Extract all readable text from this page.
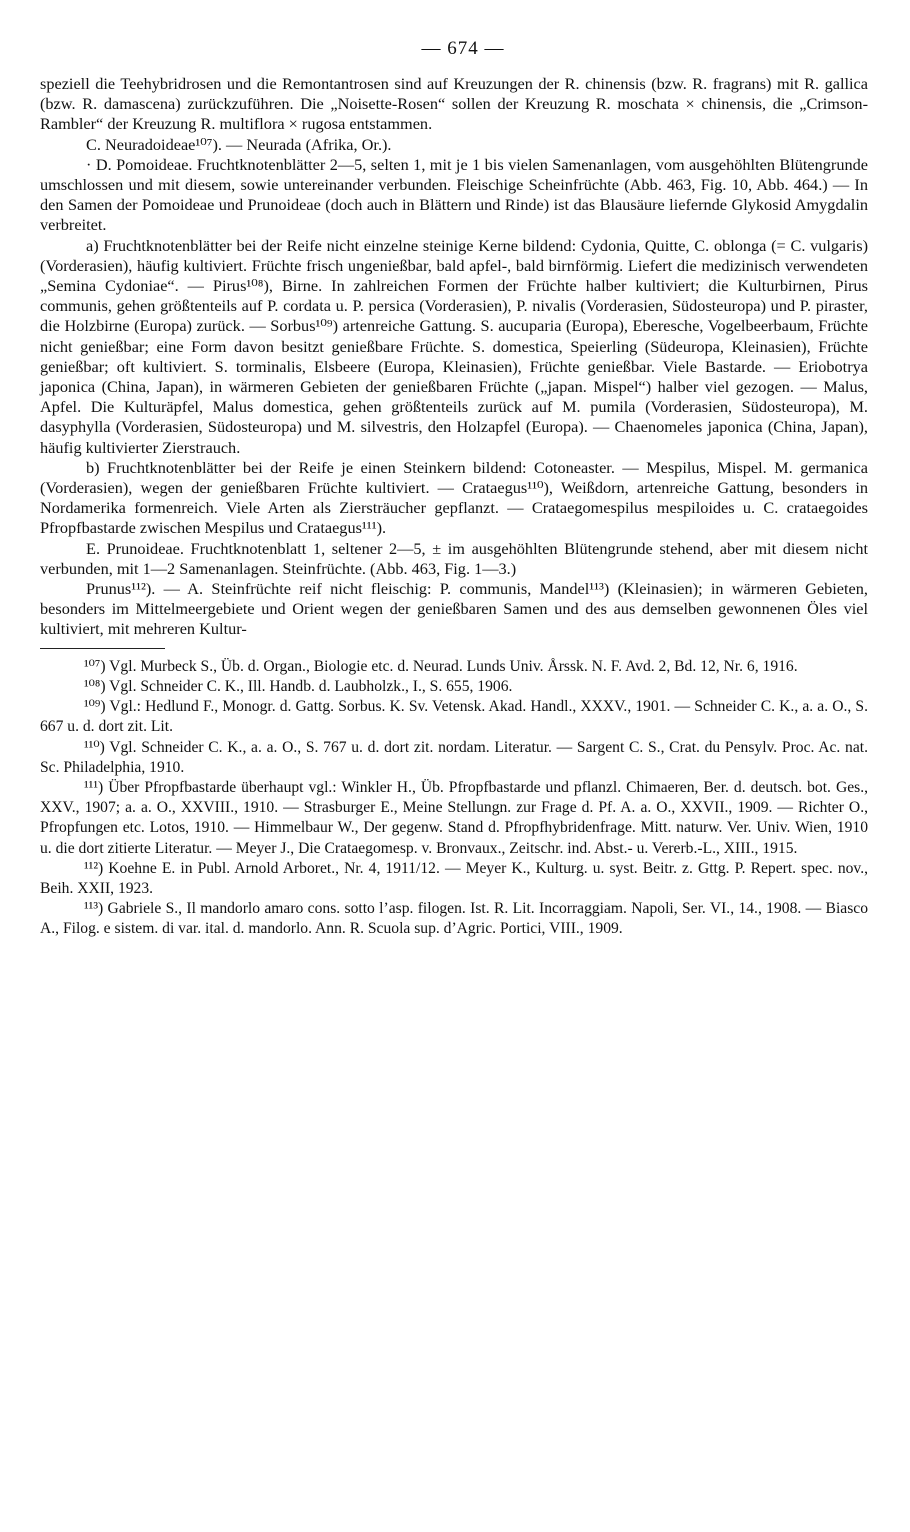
— 674 —

speziell die Teehybridrosen und die Remontantrosen sind auf Kreuzungen der R. chinensis (bzw. R. fragrans) mit R. gallica (bzw. R. damascena) zurückzuführen. Die „Noisette-Rosen“ sollen der Kreuzung R. moschata × chinensis, die „Crimson-Rambler“ der Kreuzung R. multiflora × rugosa entstammen.

C. Neuradoideae¹⁰⁷). — Neurada (Afrika, Or.).

· D. Pomoideae. Fruchtknotenblätter 2—5, selten 1, mit je 1 bis vielen Samenanlagen, vom ausgehöhlten Blütengrunde umschlossen und mit diesem, sowie untereinander verbunden. Fleischige Scheinfrüchte (Abb. 463, Fig. 10, Abb. 464.) — In den Samen der Pomoideae und Prunoideae (doch auch in Blättern und Rinde) ist das Blausäure liefernde Glykosid Amygdalin verbreitet.

a) Fruchtknotenblätter bei der Reife nicht einzelne steinige Kerne bildend: Cydonia, Quitte, C. oblonga (= C. vulgaris) (Vorderasien), häufig kultiviert. Früchte frisch ungenießbar, bald apfel-, bald birnförmig. Liefert die medizinisch verwendeten „Semina Cydoniae“. — Pirus¹⁰⁸), Birne. In zahlreichen Formen der Früchte halber kultiviert; die Kulturbirnen, Pirus communis, gehen größtenteils auf P. cordata u. P. persica (Vorderasien), P. nivalis (Vorderasien, Südosteuropa) und P. piraster, die Holzbirne (Europa) zurück. — Sorbus¹⁰⁹) artenreiche Gattung. S. aucuparia (Europa), Eberesche, Vogelbeerbaum, Früchte nicht genießbar; eine Form davon besitzt genießbare Früchte. S. domestica, Speierling (Südeuropa, Kleinasien), Früchte genießbar; oft kultiviert. S. torminalis, Elsbeere (Europa, Kleinasien), Früchte genießbar. Viele Bastarde. — Eriobotrya japonica (China, Japan), in wärmeren Gebieten der genießbaren Früchte („japan. Mispel“) halber viel gezogen. — Malus, Apfel. Die Kulturäpfel, Malus domestica, gehen größtenteils zurück auf M. pumila (Vorderasien, Südosteuropa), M. dasyphylla (Vorderasien, Südosteuropa) und M. silvestris, den Holzapfel (Europa). — Chaenomeles japonica (China, Japan), häufig kultivierter Zierstrauch.

b) Fruchtknotenblätter bei der Reife je einen Steinkern bildend: Cotoneaster. — Mespilus, Mispel. M. germanica (Vorderasien), wegen der genießbaren Früchte kultiviert. — Crataegus¹¹⁰), Weißdorn, artenreiche Gattung, besonders in Nordamerika formenreich. Viele Arten als Ziersträucher gepflanzt. — Crataegomespilus mespiloides u. C. crataegoides Pfropfbastarde zwischen Mespilus und Crataegus¹¹¹).

E. Prunoideae. Fruchtknotenblatt 1, seltener 2—5, ± im ausgehöhlten Blütengrunde stehend, aber mit diesem nicht verbunden, mit 1—2 Samenanlagen. Steinfrüchte. (Abb. 463, Fig. 1—3.)

Prunus¹¹²). — A. Steinfrüchte reif nicht fleischig: P. communis, Mandel¹¹³) (Kleinasien); in wärmeren Gebieten, besonders im Mittelmeergebiete und Orient wegen der genießbaren Samen und des aus demselben gewonnenen Öles viel kultiviert, mit mehreren Kultur-

¹⁰⁷) Vgl. Murbeck S., Üb. d. Organ., Biologie etc. d. Neurad. Lunds Univ. Årssk. N. F. Avd. 2, Bd. 12, Nr. 6, 1916.

¹⁰⁸) Vgl. Schneider C. K., Ill. Handb. d. Laubholzk., I., S. 655, 1906.

¹⁰⁹) Vgl.: Hedlund F., Monogr. d. Gattg. Sorbus. K. Sv. Vetensk. Akad. Handl., XXXV., 1901. — Schneider C. K., a. a. O., S. 667 u. d. dort zit. Lit.

¹¹⁰) Vgl. Schneider C. K., a. a. O., S. 767 u. d. dort zit. nordam. Literatur. — Sargent C. S., Crat. du Pensylv. Proc. Ac. nat. Sc. Philadelphia, 1910.

¹¹¹) Über Pfropfbastarde überhaupt vgl.: Winkler H., Üb. Pfropfbastarde und pflanzl. Chimaeren, Ber. d. deutsch. bot. Ges., XXV., 1907; a. a. O., XXVIII., 1910. — Strasburger E., Meine Stellungn. zur Frage d. Pf. A. a. O., XXVII., 1909. — Richter O., Pfropfungen etc. Lotos, 1910. — Himmelbaur W., Der gegenw. Stand d. Pfropfhybridenfrage. Mitt. naturw. Ver. Univ. Wien, 1910 u. die dort zitierte Literatur. — Meyer J., Die Crataegomesp. v. Bronvaux., Zeitschr. ind. Abst.- u. Vererb.-L., XIII., 1915.

¹¹²) Koehne E. in Publ. Arnold Arboret., Nr. 4, 1911/12. — Meyer K., Kulturg. u. syst. Beitr. z. Gttg. P. Repert. spec. nov., Beih. XXII, 1923.

¹¹³) Gabriele S., Il mandorlo amaro cons. sotto l’asp. filogen. Ist. R. Lit. Incorraggiam. Napoli, Ser. VI., 14., 1908. — Biasco A., Filog. e sistem. di var. ital. d. mandorlo. Ann. R. Scuola sup. d’Agric. Portici, VIII., 1909.
